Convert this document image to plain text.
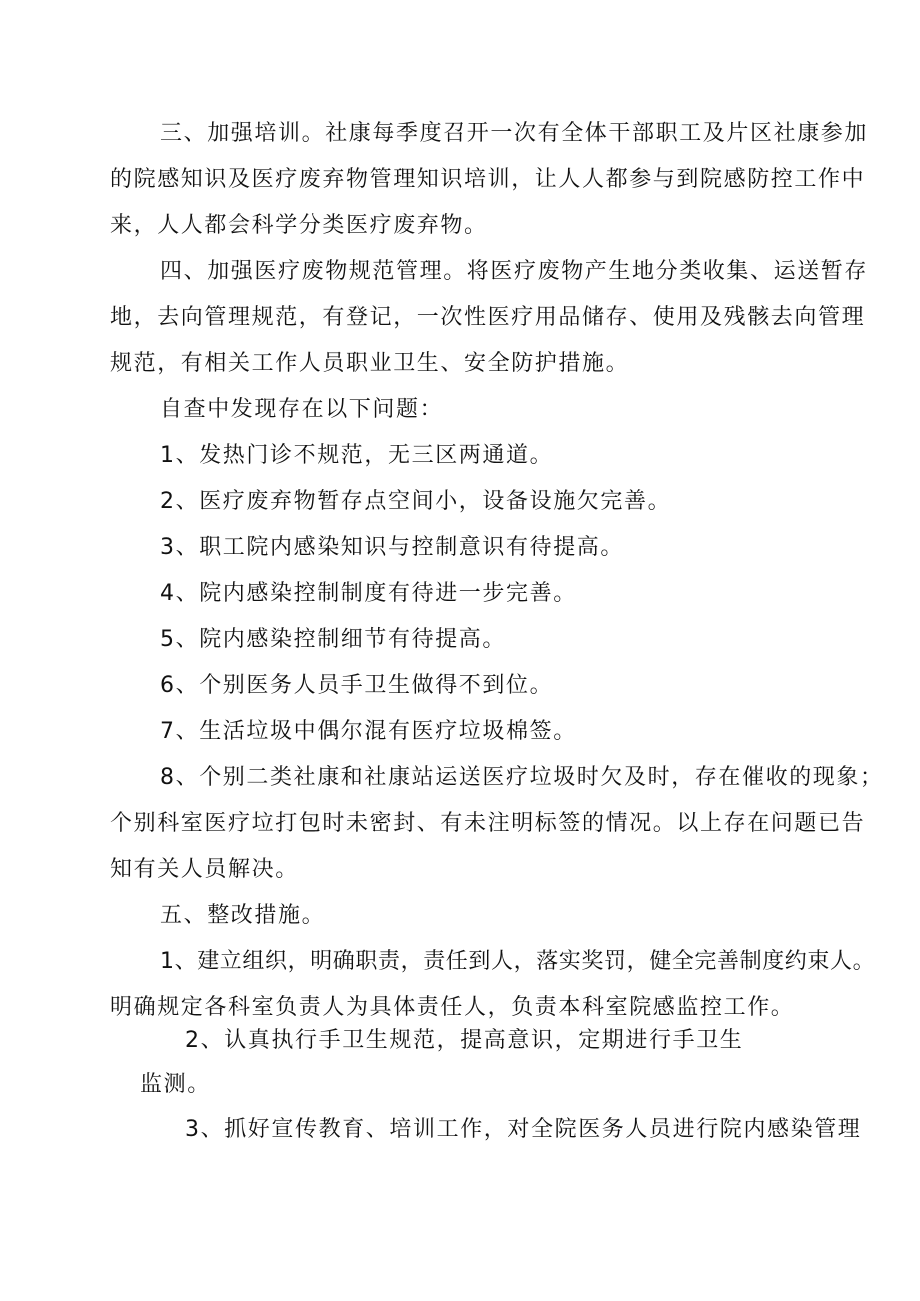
三、加强培训。社康每季度召开一次有全体干部职工及片区社康参加

的院感知识及医疗废弃物管理知识培训，让人人都参与到院感防控工作中

来，人人都会科学分类医疗废弃物。

四、加强医疗废物规范管理。将医疗废物产生地分类收集、运送暂存

地，去向管理规范，有登记，一次性医疗用品储存、使用及残骸去向管理

规范，有相关工作人员职业卫生、安全防护措施。

自查中发现存在以下问题：

1、发热门诊不规范，无三区两通道。

2、医疗废弃物暂存点空间小，设备设施欠完善。

3、职工院内感染知识与控制意识有待提高。

4、院内感染控制制度有待进一步完善。

5、院内感染控制细节有待提高。

6、个别医务人员手卫生做得不到位。

7、生活垃圾中偶尔混有医疗垃圾棉签。

8、个别二类社康和社康站运送医疗垃圾时欠及时，存在催收的现象；

个别科室医疗垃打包时未密封、有未注明标签的情况。以上存在问题已告

知有关人员解决。

五、整改措施。

1、建立组织，明确职责，责任到人，落实奖罚，健全完善制度约束人。

明确规定各科室负责人为具体责任人，负责本科室院感监控工作。

2、认真执行手卫生规范，提高意识，定期进行手卫生

监测。

3、抓好宣传教育、培训工作，对全院医务人员进行院内感染管理
